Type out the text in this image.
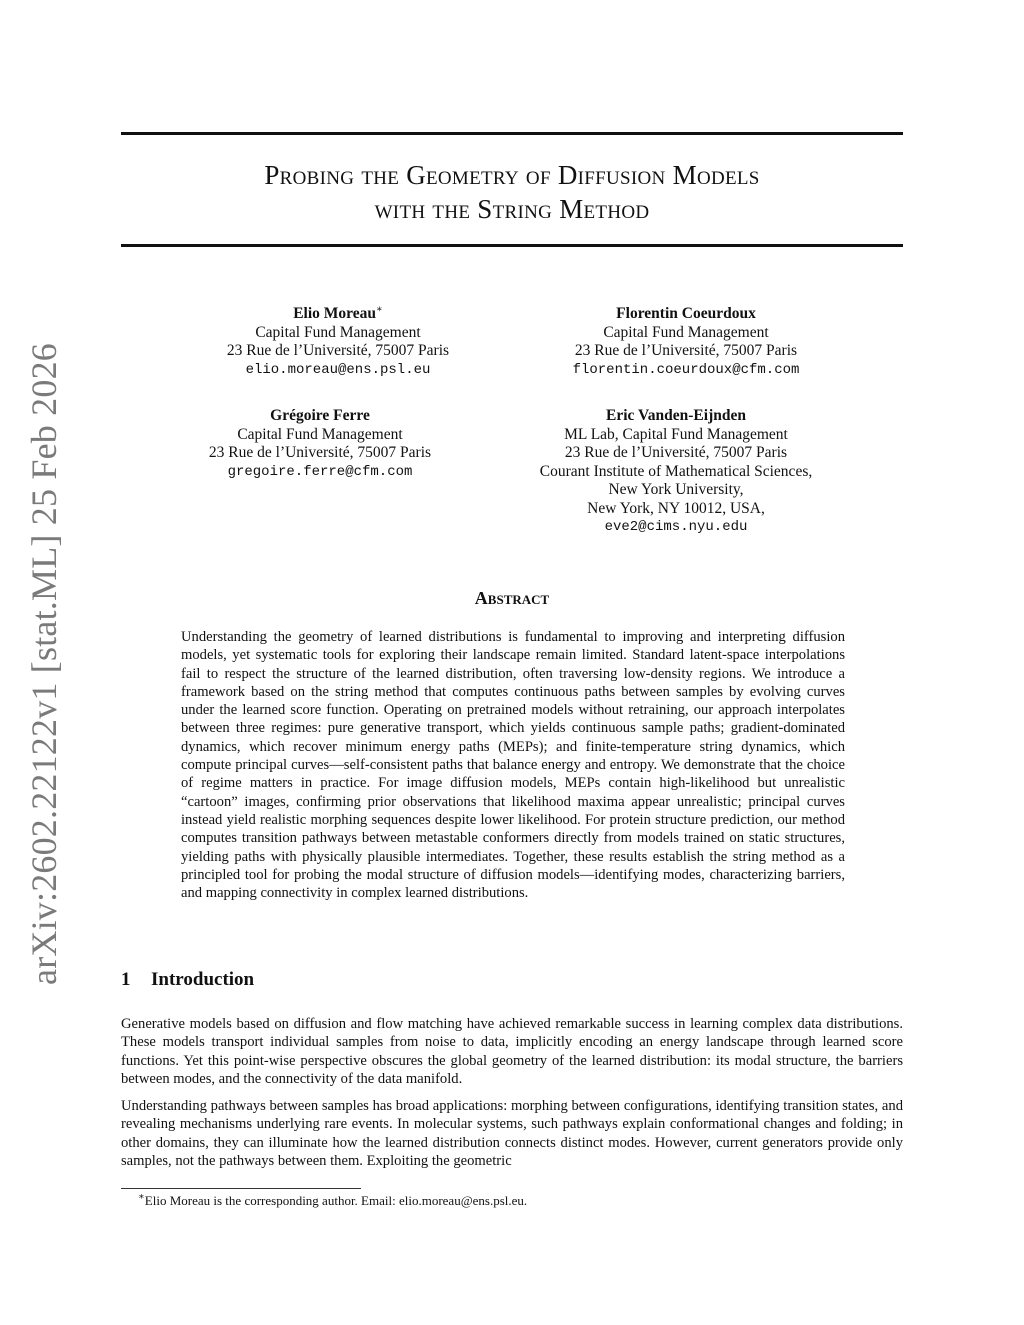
arXiv:2602.22122v1 [stat.ML] 25 Feb 2026
Probing the Geometry of Diffusion Models
with the String Method
Elio Moreau∗
Capital Fund Management
23 Rue de l’Université, 75007 Paris
elio.moreau@ens.psl.eu
Florentin Coeurdoux
Capital Fund Management
23 Rue de l’Université, 75007 Paris
florentin.coeurdoux@cfm.com
Grégoire Ferre
Capital Fund Management
23 Rue de l’Université, 75007 Paris
gregoire.ferre@cfm.com
Eric Vanden-Eijnden
ML Lab, Capital Fund Management
23 Rue de l’Université, 75007 Paris
Courant Institute of Mathematical Sciences,
New York University,
New York, NY 10012, USA,
eve2@cims.nyu.edu
Abstract
Understanding the geometry of learned distributions is fundamental to improving and interpreting diffusion models, yet systematic tools for exploring their landscape remain limited. Standard latent-space interpolations fail to respect the structure of the learned distribution, often traversing low-density regions. We introduce a framework based on the string method that computes continuous paths between samples by evolving curves under the learned score function. Operating on pretrained models without retraining, our approach interpolates between three regimes: pure generative transport, which yields continuous sample paths; gradient-dominated dynamics, which recover minimum energy paths (MEPs); and finite-temperature string dynamics, which compute principal curves—self-consistent paths that balance energy and entropy. We demonstrate that the choice of regime matters in practice. For image diffusion models, MEPs contain high-likelihood but unrealistic “cartoon” images, confirming prior observations that likelihood maxima appear unrealistic; principal curves instead yield realistic morphing sequences despite lower likelihood. For protein structure prediction, our method computes transition pathways between metastable conformers directly from models trained on static structures, yielding paths with physically plausible intermediates. Together, these results establish the string method as a principled tool for probing the modal structure of diffusion models—identifying modes, characterizing barriers, and mapping connectivity in complex learned distributions.
1 Introduction
Generative models based on diffusion and flow matching have achieved remarkable success in learning complex data distributions. These models transport individual samples from noise to data, implicitly encoding an energy landscape through learned score functions. Yet this point-wise perspective obscures the global geometry of the learned distribution: its modal structure, the barriers between modes, and the connectivity of the data manifold.
Understanding pathways between samples has broad applications: morphing between configurations, identifying transition states, and revealing mechanisms underlying rare events. In molecular systems, such pathways explain conformational changes and folding; in other domains, they can illuminate how the learned distribution connects distinct modes. However, current generators provide only samples, not the pathways between them. Exploiting the geometric
∗Elio Moreau is the corresponding author. Email: elio.moreau@ens.psl.eu.
